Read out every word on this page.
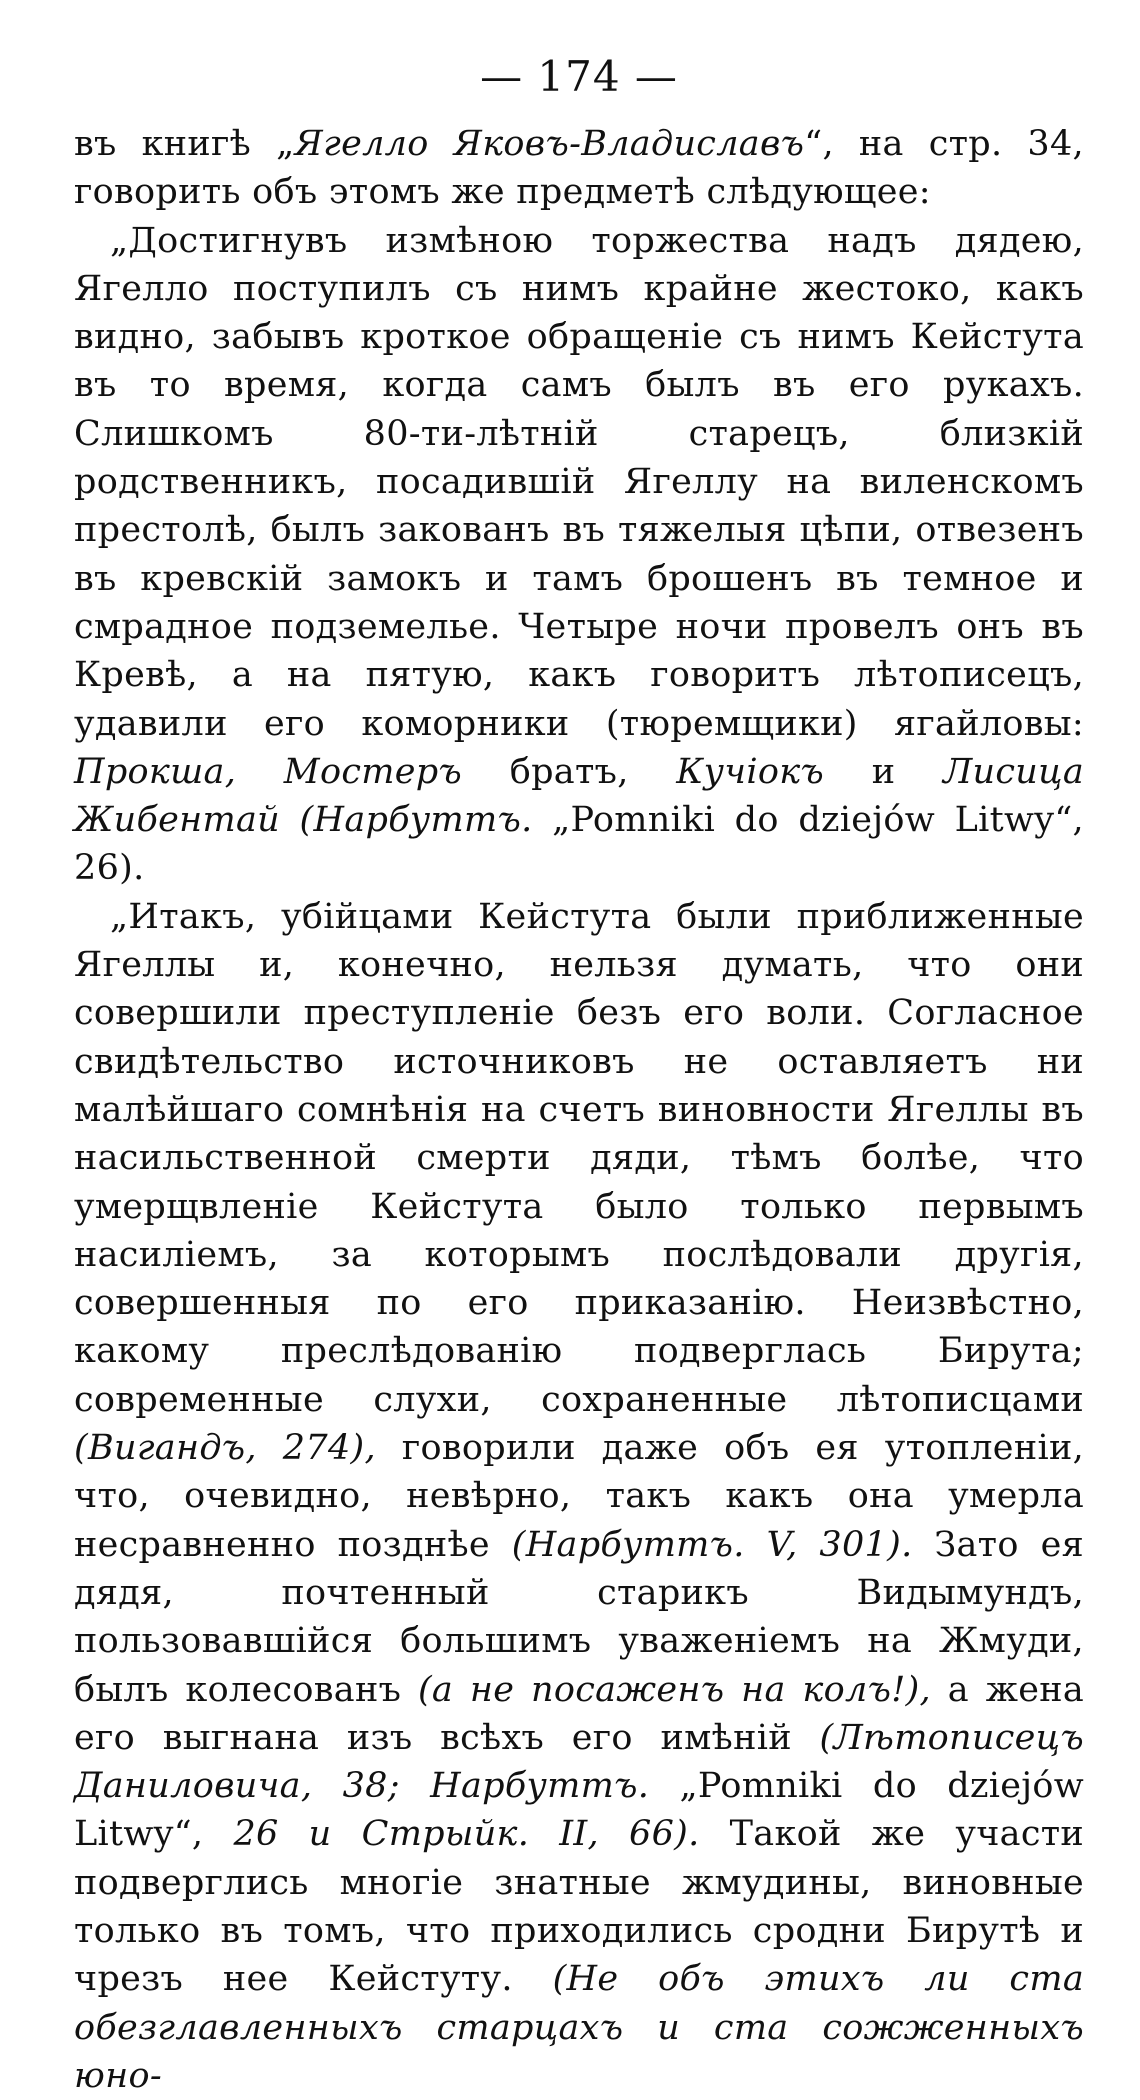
— 174 —

въ книгѣ „Ягелло Яковъ-Владиславъ“, на стр. 34, говорить объ этомъ же предметѣ слѣдующее:

„Достигнувъ измѣною торжества надъ дядею, Ягелло поступилъ съ нимъ крайне жестоко, какъ видно, забывъ кроткое обращеніе съ нимъ Кейстута въ то время, когда самъ былъ въ его рукахъ. Слишкомъ 80-ти-лѣтній старецъ, близкій родственникъ, посадившій Ягеллу на виленскомъ престолѣ, былъ закованъ въ тяжелыя цѣпи, отвезенъ въ кревскій замокъ и тамъ брошенъ въ темное и смрадное подземелье. Четыре ночи провелъ онъ въ Кревѣ, а на пятую, какъ говоритъ лѣтописецъ, удавили его коморники (тюремщики) ягайловы: Прокша, Мостеръ братъ, Кучіокъ и Лисица Жибентай (Нарбуттъ. „Pomniki do dziejów Litwy“, 26).

„Итакъ, убійцами Кейстута были приближенные Ягеллы и, конечно, нельзя думать, что они совершили преступленіе безъ его воли. Согласное свидѣтельство источниковъ не оставляетъ ни малѣйшаго сомнѣнія на счетъ виновности Ягеллы въ насильственной смерти дяди, тѣмъ болѣе, что умерщвленіе Кейстута было только первымъ насиліемъ, за которымъ послѣдовали другія, совершенныя по его приказанію. Неизвѣстно, какому преслѣдованію подверглась Бирута; современные слухи, сохраненные лѣтописцами (Вигандъ, 274), говорили даже объ ея утопленіи, что, очевидно, невѣрно, такъ какъ она умерла несравненно позднѣе (Нарбуттъ. V, 301). Зато ея дядя, почтенный старикъ Видымундъ, пользовавшійся большимъ уваженіемъ на Жмуди, былъ колесованъ (а не посаженъ на колъ!), а жена его выгнана изъ всѣхъ его имѣній (Лѣтописецъ Даниловича, 38; Нарбуттъ. „Pomniki do dziejów Litwy“, 26 и Стрыйк. II, 66). Такой же участи подверглись многіе знатные жмудины, виновные только въ томъ, что приходились сродни Бирутѣ и чрезъ нее Кейстуту. (Не объ этихъ ли ста обезглавленныхъ старцахъ и ста сожженныхъ юно-
